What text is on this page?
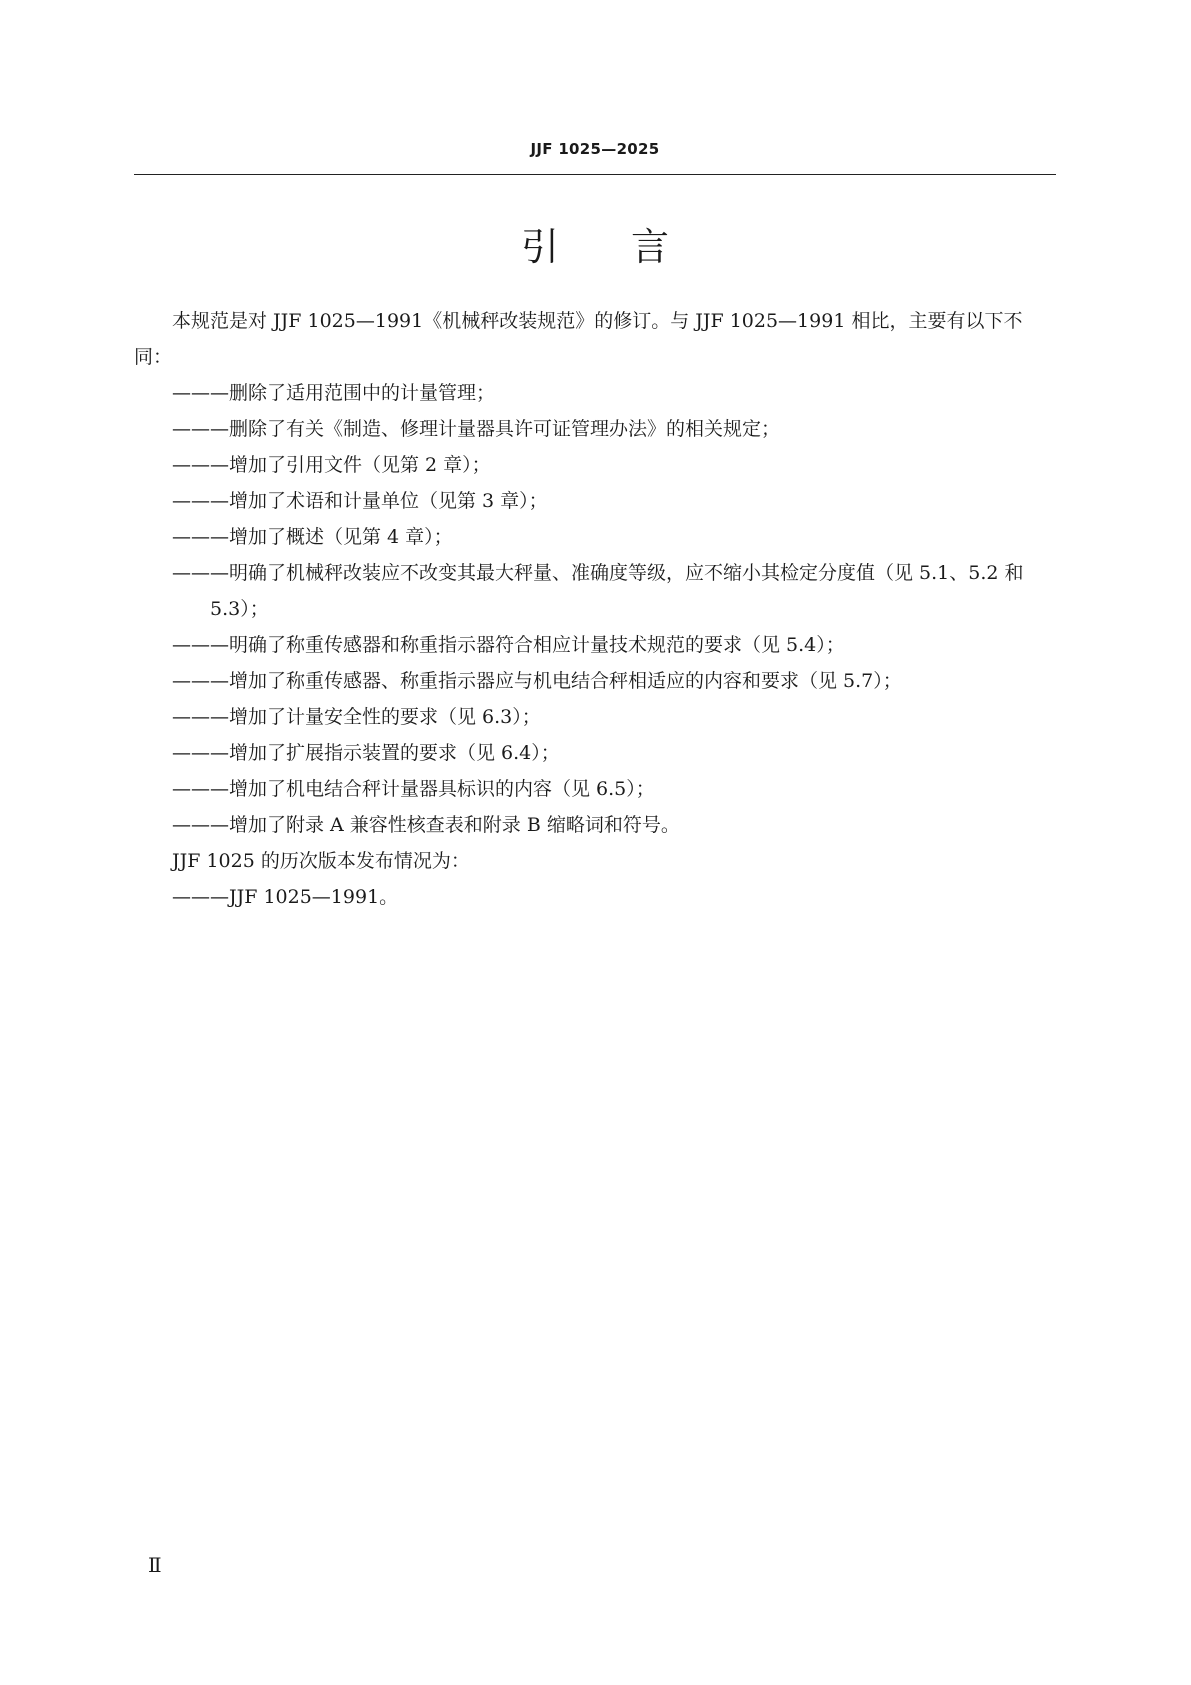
JJF 1025—2025
引言

本规范是对 JJF 1025—1991《机械秤改装规范》的修订。与 JJF 1025—1991 相比，主要有以下不同：

———删除了适用范围中的计量管理；

———删除了有关《制造、修理计量器具许可证管理办法》的相关规定；

———增加了引用文件（见第 2 章）；

———增加了术语和计量单位（见第 3 章）；

———增加了概述（见第 4 章）；

———明确了机械秤改装应不改变其最大秤量、准确度等级，应不缩小其检定分度值（见 5.1、5.2 和 5.3）；

———明确了称重传感器和称重指示器符合相应计量技术规范的要求（见 5.4）；

———增加了称重传感器、称重指示器应与机电结合秤相适应的内容和要求（见 5.7）；

———增加了计量安全性的要求（见 6.3）；

———增加了扩展指示装置的要求（见 6.4）；

———增加了机电结合秤计量器具标识的内容（见 6.5）；

———增加了附录 A 兼容性核查表和附录 B 缩略词和符号。

JJF 1025 的历次版本发布情况为：

———JJF 1025—1991。

Ⅱ
